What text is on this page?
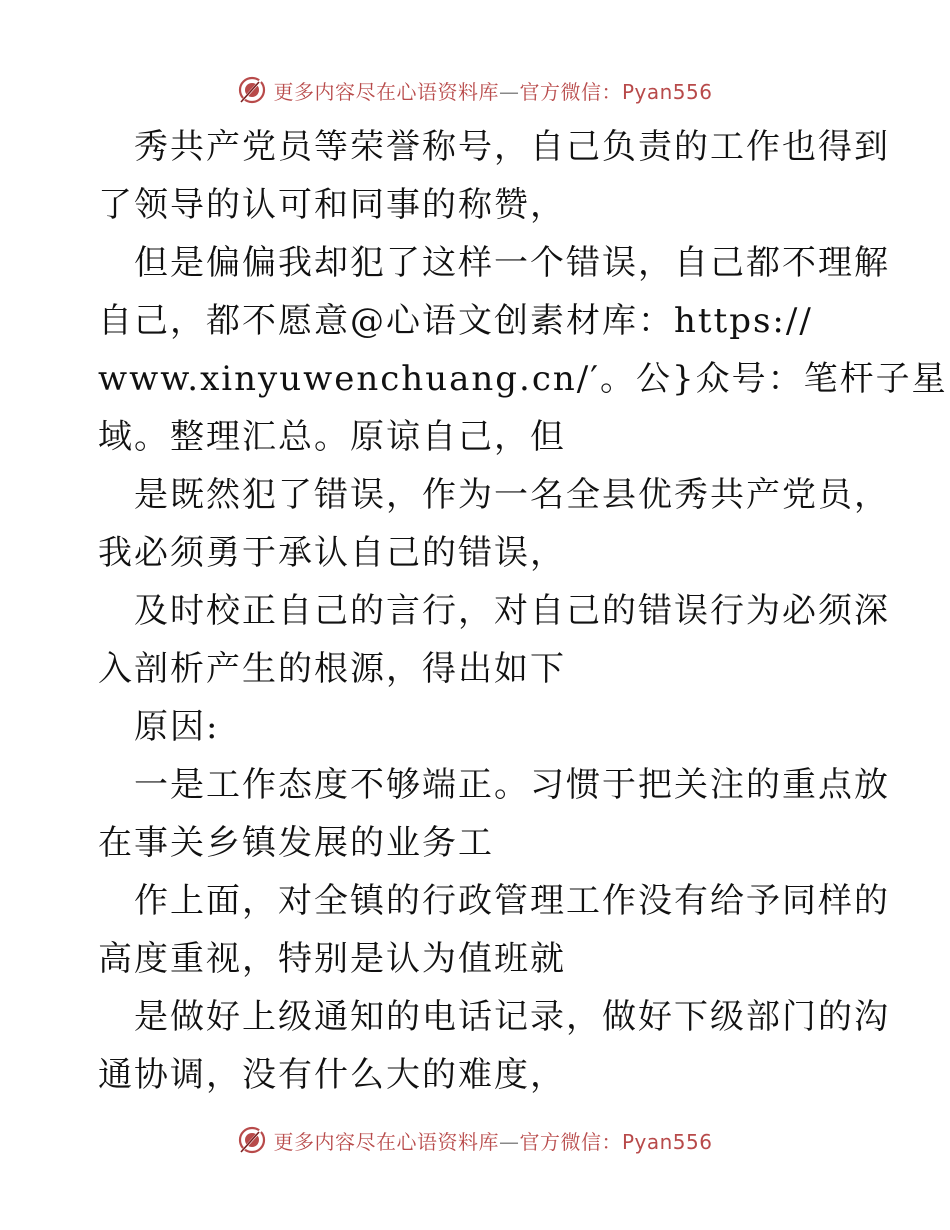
更多内容尽在心语资料库—官方微信：Pyan556
秀共产党员等荣誉称号，自己负责的工作也得到
了领导的认可和同事的称赞，
但是偏偏我却犯了这样一个错误，自己都不理解
自己，都不愿意@心语文创素材库：https://
www.xinyuwenchuang.cn/′。公}众号：笔杆子星
域。整理汇总。原谅自己，但
是既然犯了错误，作为一名全县优秀共产党员，
我必须勇于承认自己的错误，
及时校正自己的言行，对自己的错误行为必须深
入剖析产生的根源，得出如下
原因:
一是工作态度不够端正。习惯于把关注的重点放
在事关乡镇发展的业务工
作上面，对全镇的行政管理工作没有给予同样的
高度重视，特别是认为值班就
是做好上级通知的电话记录，做好下级部门的沟
通协调，没有什么大的难度，
更多内容尽在心语资料库—官方微信：Pyan556
